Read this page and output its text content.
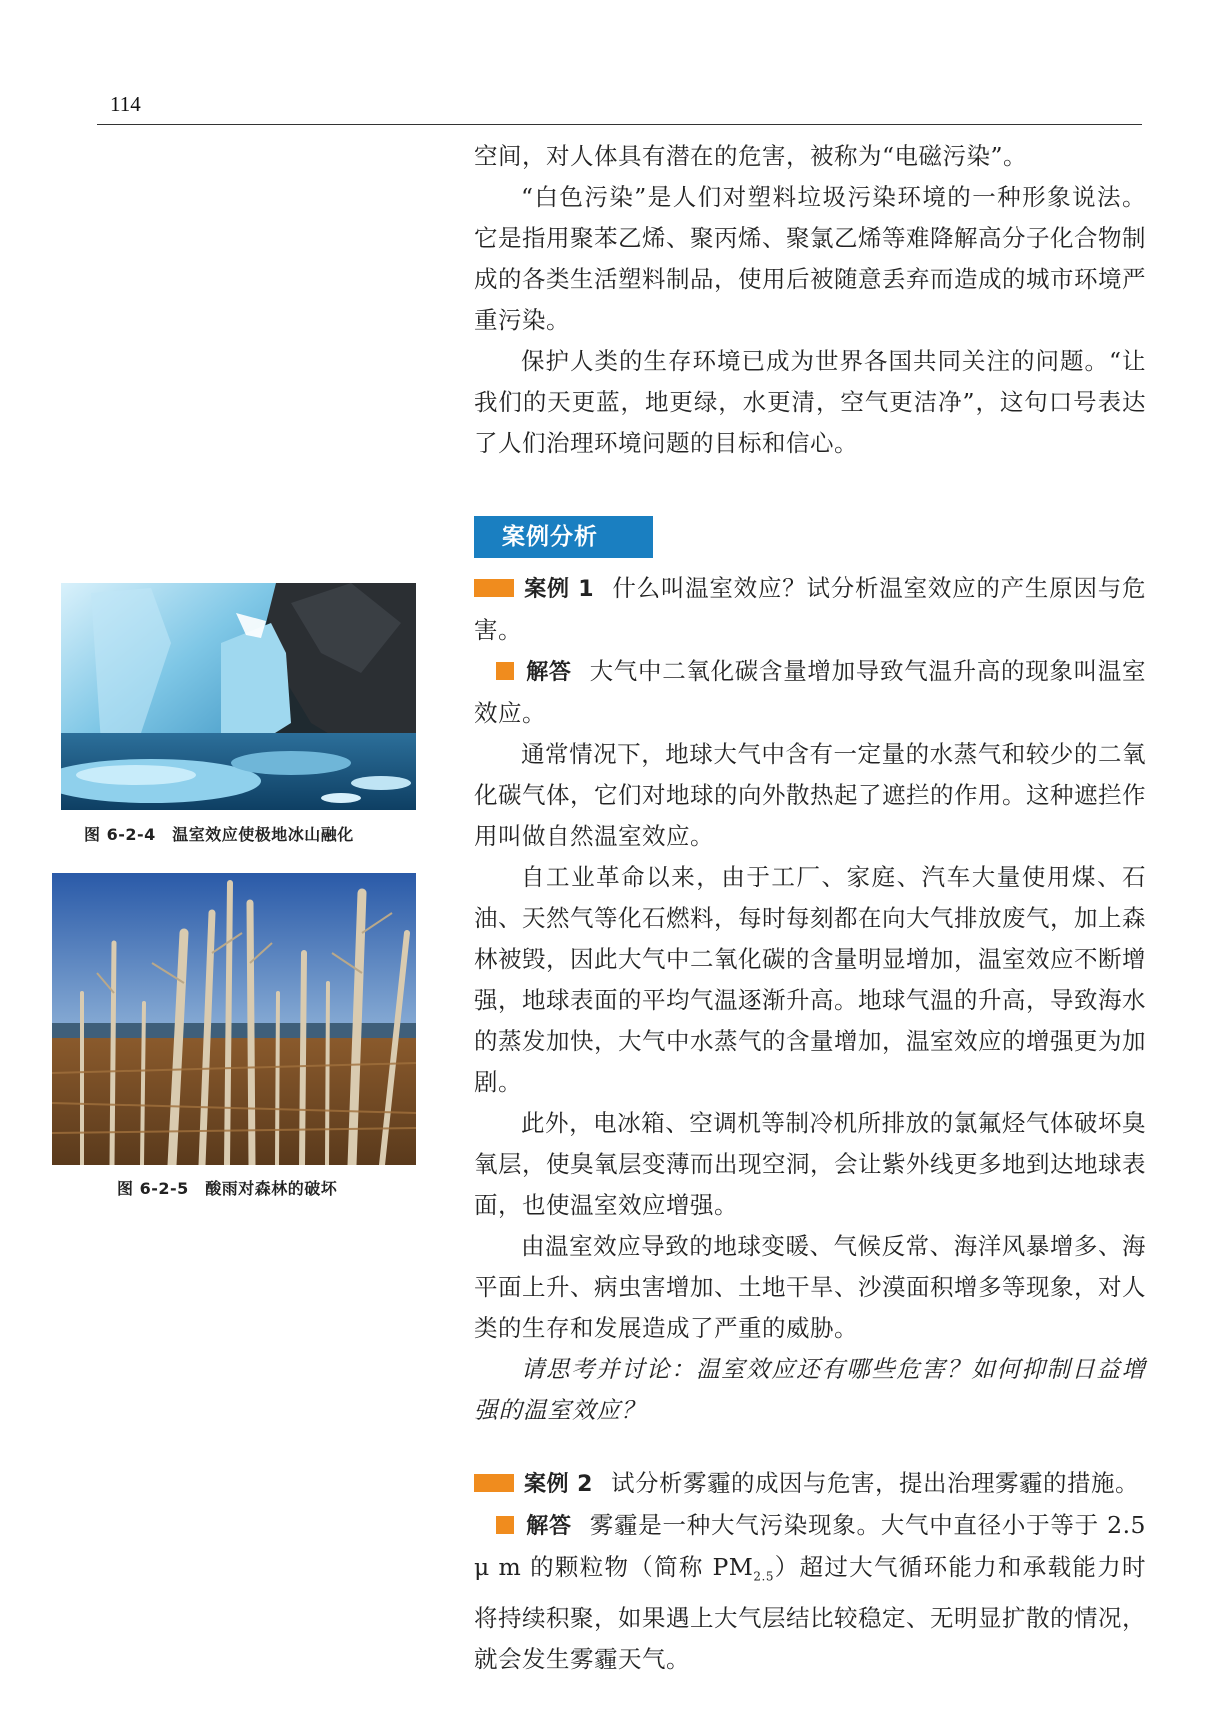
114
图 6-2-4　温室效应使极地冰山融化
图 6-2-5　酸雨对森林的破坏

空间，对人体具有潜在的危害，被称为“电磁污染”。

“白色污染”是人们对塑料垃圾污染环境的一种形象说法。它是指用聚苯乙烯、聚丙烯、聚氯乙烯等难降解高分子化合物制成的各类生活塑料制品，使用后被随意丢弃而造成的城市环境严重污染。

保护人类的生存环境已成为世界各国共同关注的问题。“让我们的天更蓝，地更绿，水更清，空气更洁净”，这句口号表达了人们治理环境问题的目标和信心。

案例分析

案例 1 什么叫温室效应？试分析温室效应的产生原因与危害。

解答 大气中二氧化碳含量增加导致气温升高的现象叫温室效应。

通常情况下，地球大气中含有一定量的水蒸气和较少的二氧化碳气体，它们对地球的向外散热起了遮拦的作用。这种遮拦作用叫做自然温室效应。

自工业革命以来，由于工厂、家庭、汽车大量使用煤、石油、天然气等化石燃料，每时每刻都在向大气排放废气，加上森林被毁，因此大气中二氧化碳的含量明显增加，温室效应不断增强，地球表面的平均气温逐渐升高。地球气温的升高，导致海水的蒸发加快，大气中水蒸气的含量增加，温室效应的增强更为加剧。

此外，电冰箱、空调机等制冷机所排放的氯氟烃气体破坏臭氧层，使臭氧层变薄而出现空洞，会让紫外线更多地到达地球表面，也使温室效应增强。

由温室效应导致的地球变暖、气候反常、海洋风暴增多、海平面上升、病虫害增加、土地干旱、沙漠面积增多等现象，对人类的生存和发展造成了严重的威胁。

请思考并讨论：温室效应还有哪些危害？如何抑制日益增强的温室效应？

案例 2 试分析雾霾的成因与危害，提出治理雾霾的措施。

解答 雾霾是一种大气污染现象。大气中直径小于等于 2.5 μ m 的颗粒物（简称 $PM_{2.5}$）超过大气循环能力和承载能力时将持续积聚，如果遇上大气层结比较稳定、无明显扩散的情况，就会发生雾霾天气。
